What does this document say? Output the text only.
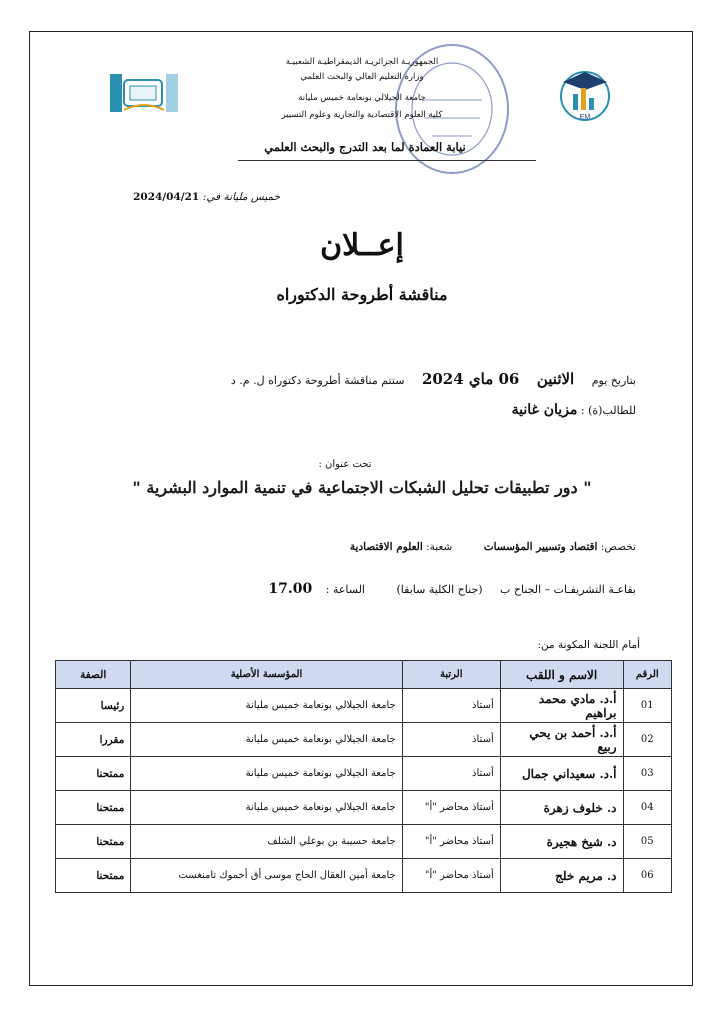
EM
الجمهوريـة الجزائريـة الديمقراطيـة الشعبيـة
وزارة التعليم العالي والبحث العلمي
جامعة الجيلالي بونعامة خميس مليانة
كلية العلوم الاقتصادية والتجارية وعلوم التسيير
نيابة العمادة لما بعد التدرج والبحث العلمي
خميس مليانة في: 2024/04/21
إعــلان
مناقشة أطروحة الدكتوراه
بتاريخ يوم الاثنين 06 ماي 2024 ستتم مناقشة أطروحة دكتوراه ل. م. د
للطالب(ة) : مزيان غانية
تحت عنوان :
" دور تطبيقات تحليل الشبكات الاجتماعية في تنمية الموارد البشرية "
تخصص: اقتصاد وتسيير المؤسسات شعبة: العلوم الاقتصادية
بقاعـة التشريفـات – الجناح ب (جناح الكلية سابقا) الساعة : 17.00
أمام اللجنة المكونة من:
الرقم	الاسم و اللقب	الرتبة	المؤسسة الأصلية	الصفة
01	أ.د. مادي محمد براهيم	أستاذ	جامعة الجيلالي بونعامة خميس مليانة	رئيسا
02	أ.د. أحمد بن يحي ربيع	أستاذ	جامعة الجيلالي بونعامة خميس مليانة	مقررا
03	أ.د. سعيداني جمال	أستاذ	جامعة الجيلالي بونعامة خميس مليانة	ممتحنا
04	د. خلوف زهرة	أستاذ محاضر "أ"	جامعة الجيلالي بونعامة خميس مليانة	ممتحنا
05	د. شيخ هجيرة	أستاذ محاضر "أ"	جامعة حسيبة بن بوعلي الشلف	ممتحنا
06	د. مريم خلج	أستاذ محاضر "أ"	جامعة أمين العقال الحاج موسى أق أخموك تامنغست	ممتحنا
